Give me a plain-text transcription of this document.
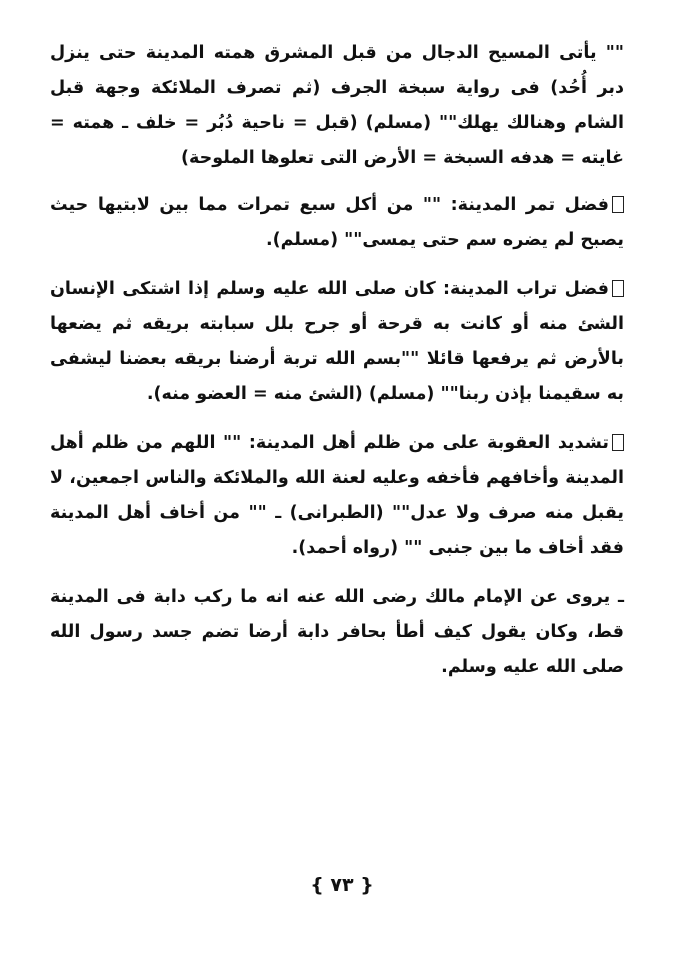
"" يأتى المسيح الدجال من قبل المشرق همته المدينة حتى ينزل دبر أُحُد) فى رواية سبخة الجرف (ثم تصرف الملائكة وجهة قبل الشام وهنالك يهلك"" (مسلم) (قبل = ناحية دُبُر = خلف ـ همته = غايته = هدفه السبخة = الأرض التى تعلوها الملوحة)

فضل تمر المدينة: "" من أكل سبع تمرات مما بين لابتيها حيث يصبح لم يضره سم حتى يمسى"" (مسلم).

فضل تراب المدينة: كان صلى الله عليه وسلم إذا اشتكى الإنسان الشئ منه أو كانت به قرحة أو جرح بلل سبابته بريقه ثم يضعها بالأرض ثم يرفعها قائلا ""بسم الله تربة أرضنا بريقه بعضنا ليشفى به سقيمنا بإذن ربنا"" (مسلم) (الشئ منه = العضو منه).

تشديد العقوبة على من ظلم أهل المدينة: "" اللهم من ظلم أهل المدينة وأخافهم فأخفه وعليه لعنة الله والملائكة والناس اجمعين، لا يقبل منه صرف ولا عدل"" (الطبرانى) ـ "" من أخاف أهل المدينة فقد أخاف ما بين جنبى "" (رواه أحمد).

ـ يروى عن الإمام مالك رضى الله عنه انه ما ركب دابة فى المدينة قط، وكان يقول كيف أطأ بحافر دابة أرضا تضم جسد رسول الله صلى الله عليه وسلم.

{ ٧٣ }
